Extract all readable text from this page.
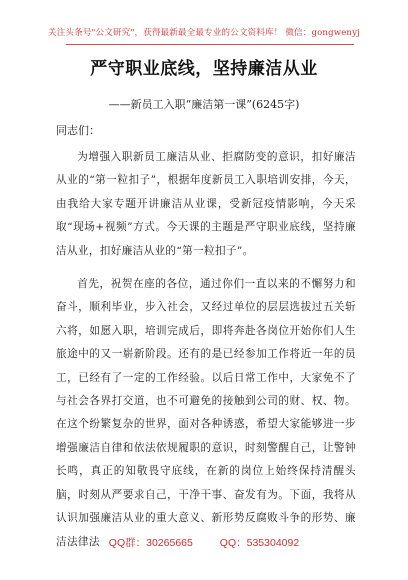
关注头条号"公文研究"，获得最新最全最专业的公文资料库！ 微信：gongwenyj
严守职业底线，坚持廉洁从业
——新员工入职“廉洁第一课”(6245字)
同志们：

为增强入职新员工廉洁从业、拒腐防变的意识，扣好廉洁从业的“第一粒扣子”，根据年度新员工入职培训安排，今天，由我给大家专题开讲廉洁从业课，受新冠疫情影响，今天采取“现场+视频”方式。今天课的主题是严守职业底线，坚持廉洁从业，扣好廉洁从业的“第一粒扣子”。

首先，祝贺在座的各位，通过你们一直以来的不懈努力和奋斗，顺利毕业，步入社会，又经过单位的层层选拔过五关斩六将，如愿入职，培训完成后，即将奔赴各岗位开始你们人生旅途中的又一崭新阶段。还有的是已经参加工作将近一年的员工，已经有了一定的工作经验。以后日常工作中，大家免不了与社会各界打交道，也不可避免的接触到公司的财、权、物。在这个纷繁复杂的世界，面对各种诱惑，希望大家能够进一步增强廉洁自律和依法依规履职的意识，时刻警醒自己，让警钟长鸣，真正的知敬畏守底线，在新的岗位上始终保持清醒头脑，时刻从严要求自己，干净干事、奋发有为。下面，我将从认识加强廉洁从业的重大意义、新形势反腐败斗争的形势、廉洁法律法 QQ群：30265665	QQ：535304092
